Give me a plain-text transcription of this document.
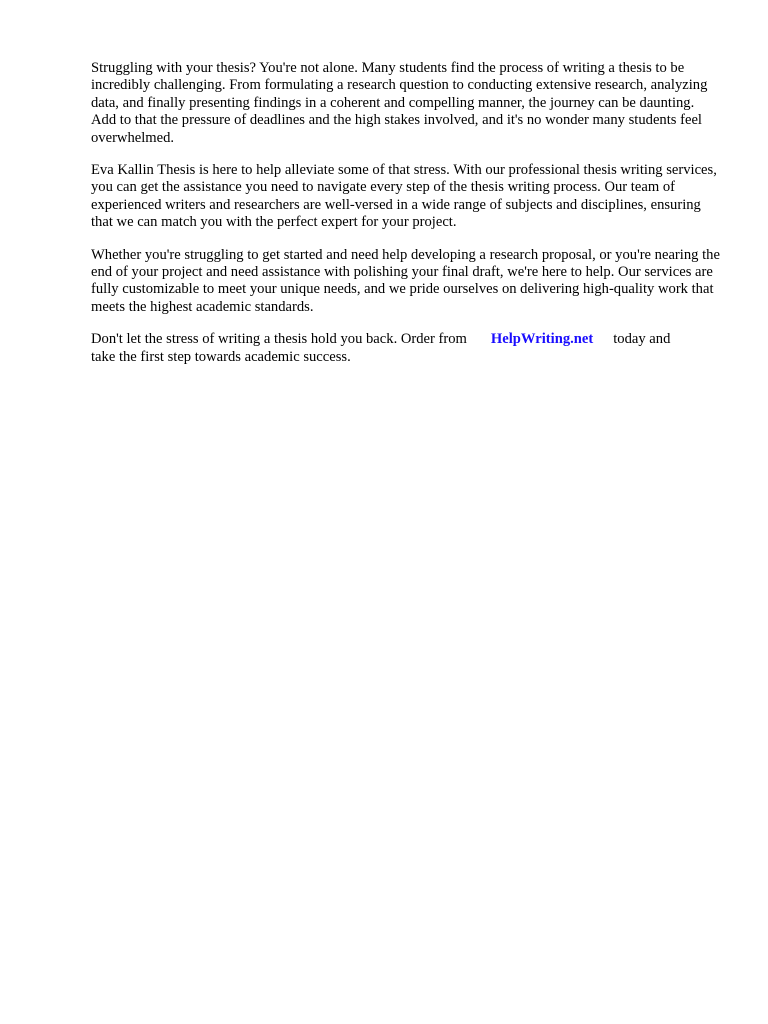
Struggling with your thesis? You're not alone. Many students find the process of writing a thesis to be incredibly challenging. From formulating a research question to conducting extensive research, analyzing data, and finally presenting findings in a coherent and compelling manner, the journey can be daunting. Add to that the pressure of deadlines and the high stakes involved, and it's no wonder many students feel overwhelmed.

Eva Kallin Thesis is here to help alleviate some of that stress. With our professional thesis writing services, you can get the assistance you need to navigate every step of the thesis writing process. Our team of experienced writers and researchers are well-versed in a wide range of subjects and disciplines, ensuring that we can match you with the perfect expert for your project.

Whether you're struggling to get started and need help developing a research proposal, or you're nearing the end of your project and need assistance with polishing your final draft, we're here to help. Our services are fully customizable to meet your unique needs, and we pride ourselves on delivering high-quality work that meets the highest academic standards.

Don't let the stress of writing a thesis hold you back. Order from HelpWriting.net today and
take the first step towards academic success.
